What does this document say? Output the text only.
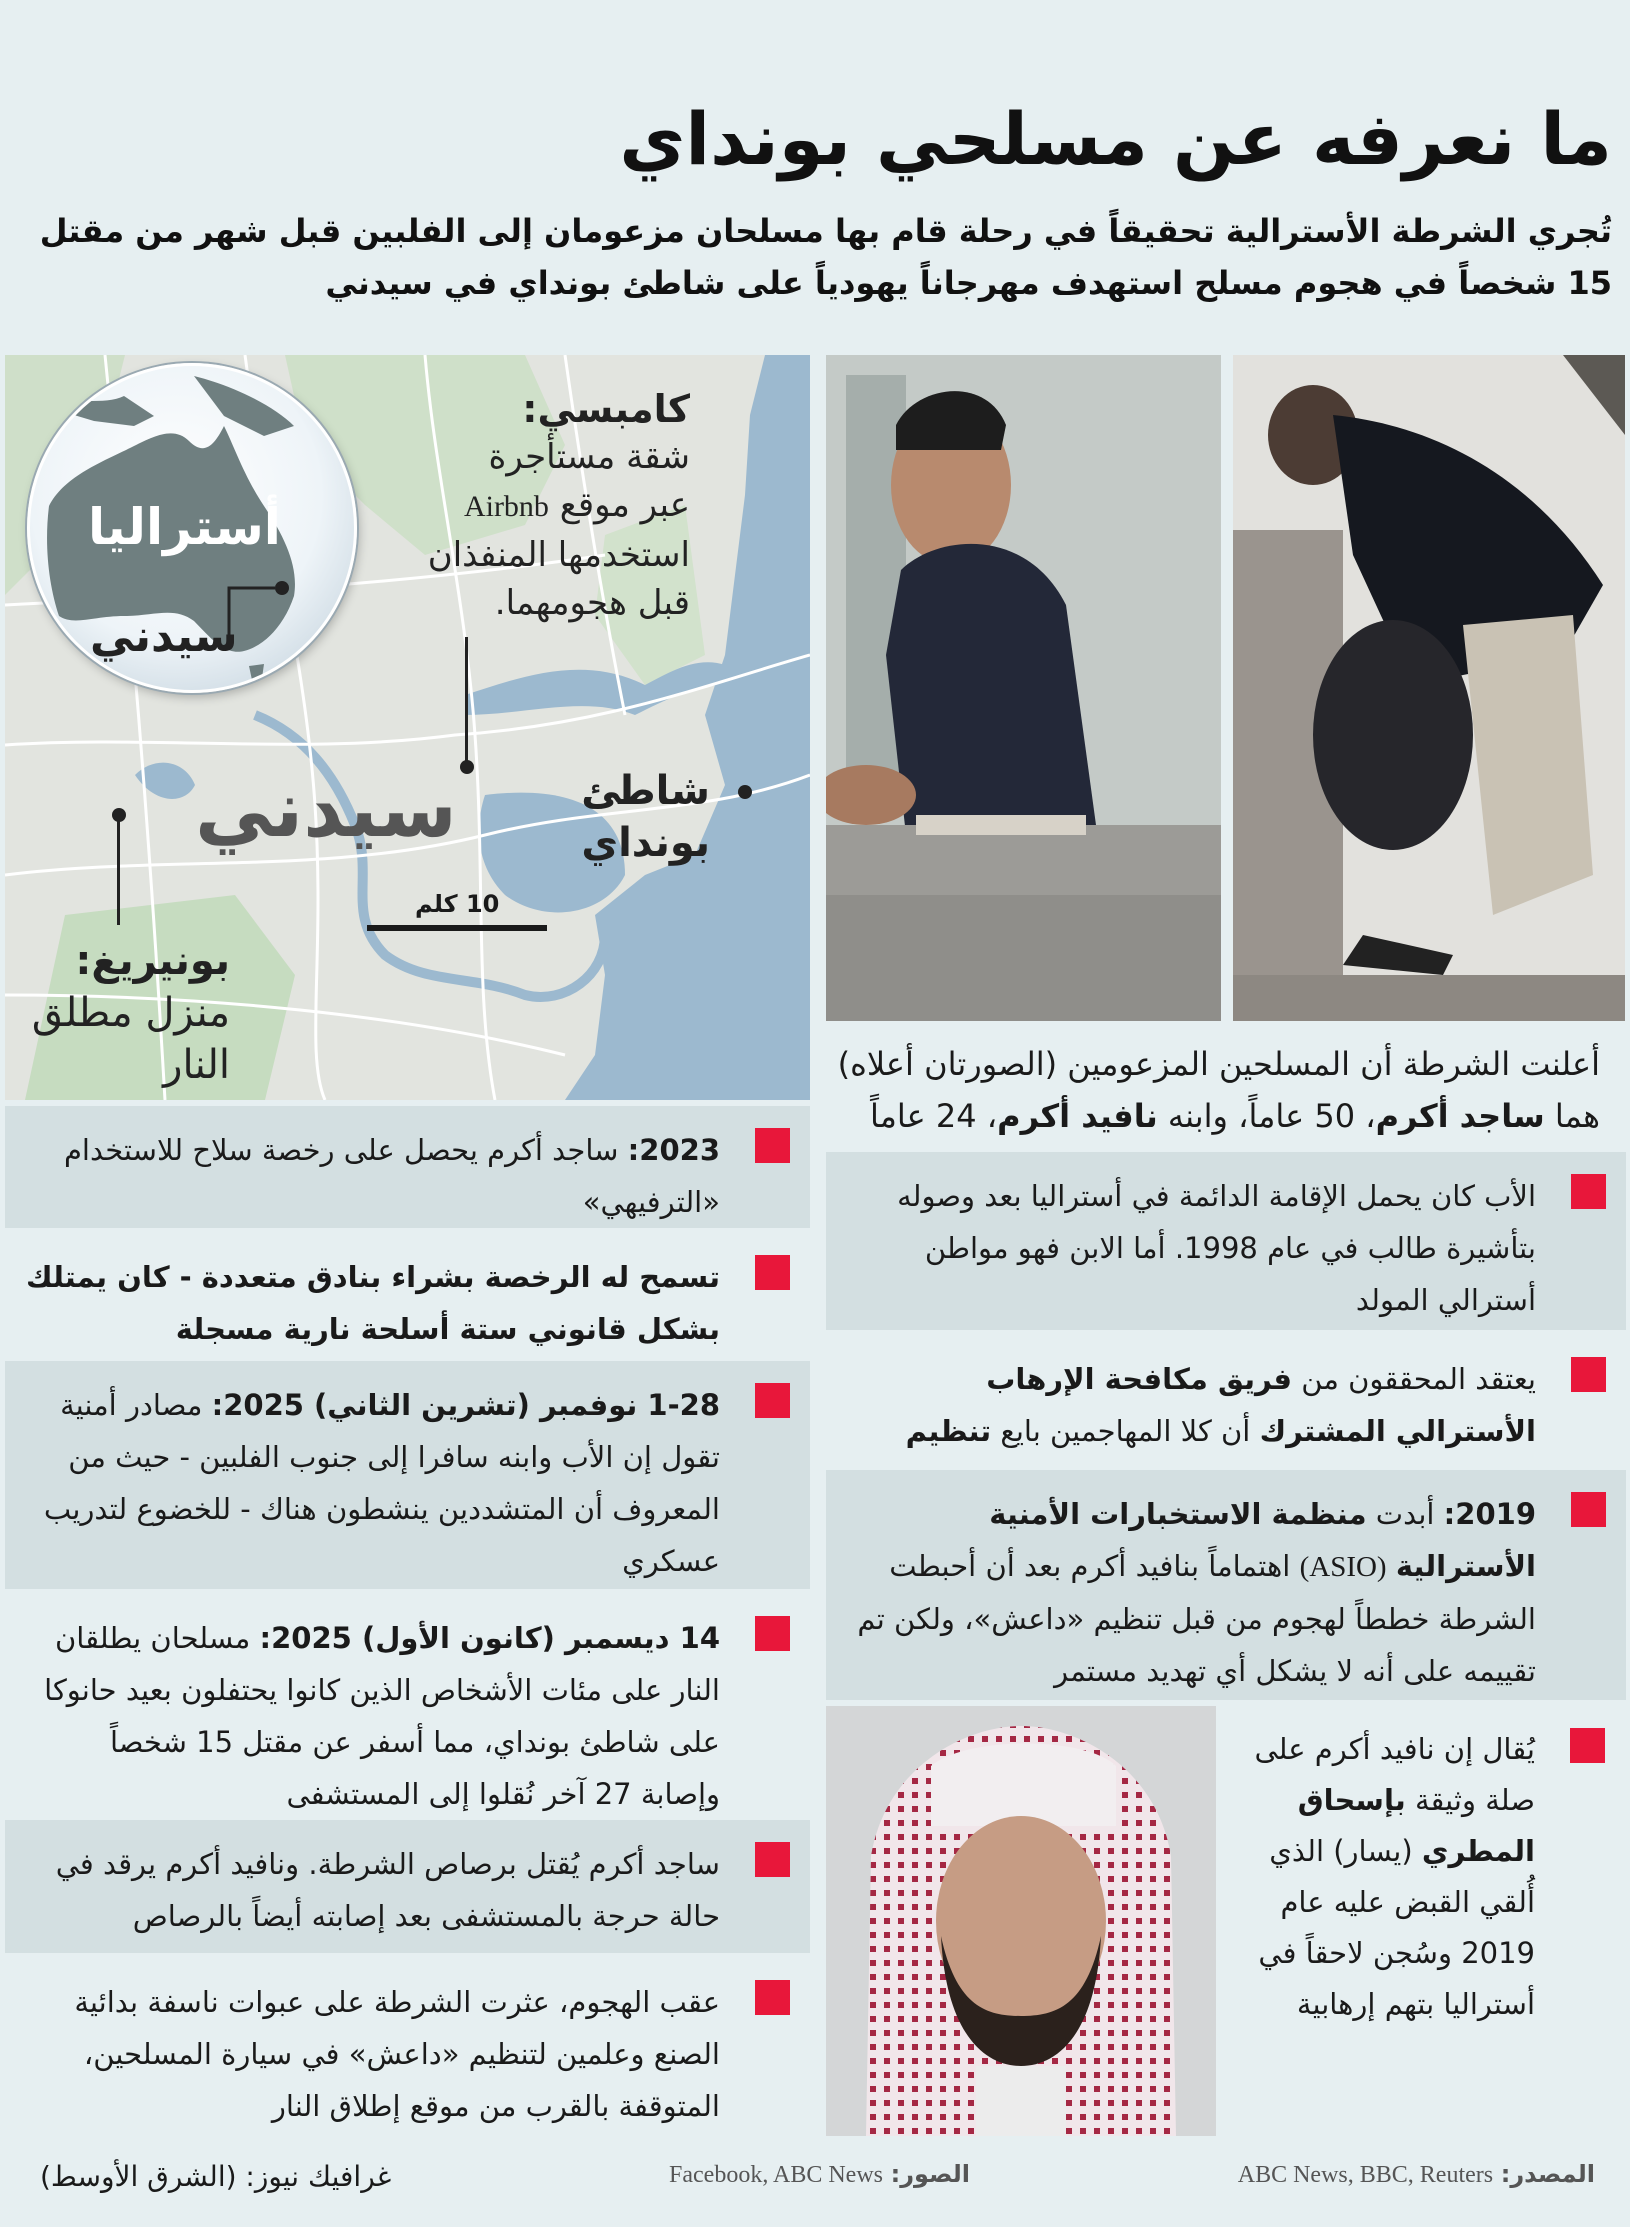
ما نعرفه عن مسلحي بونداي

تُجري الشرطة الأسترالية تحقيقاً في رحلة قام بها مسلحان مزعومان إلى الفلبين قبل شهر من مقتل 15 شخصاً في هجوم مسلح استهدف مهرجاناً يهودياً على شاطئ بونداي في سيدني

أستراليا
سيدني
كامبسي:
شقة مستأجرة
عبر موقع Airbnb
استخدمها المنفذان
قبل هجومهما.
سيدني	شاطئ
بونداي
بونيريغ:
منزل مطلق
النار
10 كلم
أعلنت الشرطة أن المسلحين المزعومين (الصورتان أعلاه)
هما ساجد أكرم، 50 عاماً، وابنه نافيد أكرم، 24 عاماً
2023: ساجد أكرم يحصل على رخصة سلاح للاستخدام «الترفيهي»
تسمح له الرخصة بشراء بنادق متعددة - كان يمتلك بشكل قانوني ستة أسلحة نارية مسجلة
1-28 نوفمبر (تشرين الثاني) 2025: مصادر أمنية تقول إن الأب وابنه سافرا إلى جنوب الفلبين - حيث من المعروف أن المتشددين ينشطون هناك - للخضوع لتدريب عسكري
14 ديسمبر (كانون الأول) 2025: مسلحان يطلقان النار على مئات الأشخاص الذين كانوا يحتفلون بعيد حانوكا على شاطئ بونداي، مما أسفر عن مقتل 15 شخصاً وإصابة 27 آخر نُقلوا إلى المستشفى
ساجد أكرم يُقتل برصاص الشرطة. ونافيد أكرم يرقد في حالة حرجة بالمستشفى بعد إصابته أيضاً بالرصاص
عقب الهجوم، عثرت الشرطة على عبوات ناسفة بدائية الصنع وعلمين لتنظيم «داعش» في سيارة المسلحين، المتوقفة بالقرب من موقع إطلاق النار
الأب كان يحمل الإقامة الدائمة في أستراليا بعد وصوله بتأشيرة طالب في عام 1998. أما الابن فهو مواطن أسترالي المولد
يعتقد المحققون من فريق مكافحة الإرهاب الأسترالي المشترك أن كلا المهاجمين بايع تنظيم
2019: أبدت منظمة الاستخبارات الأمنية الأسترالية (ASIO) اهتماماً بنافيد أكرم بعد أن أحبطت الشرطة خططاً لهجوم من قبل تنظيم «داعش»، ولكن تم تقييمه على أنه لا يشكل أي تهديد مستمر
يُقال إن نافيد أكرم على صلة وثيقة بإسحاق المطري (يسار) الذي أُلقي القبض عليه عام 2019 وسُجن لاحقاً في أستراليا بتهم إرهابية
المصدر: ABC News, BBC, Reuters
الصور: Facebook, ABC News
غرافيك نيوز: (الشرق الأوسط)
